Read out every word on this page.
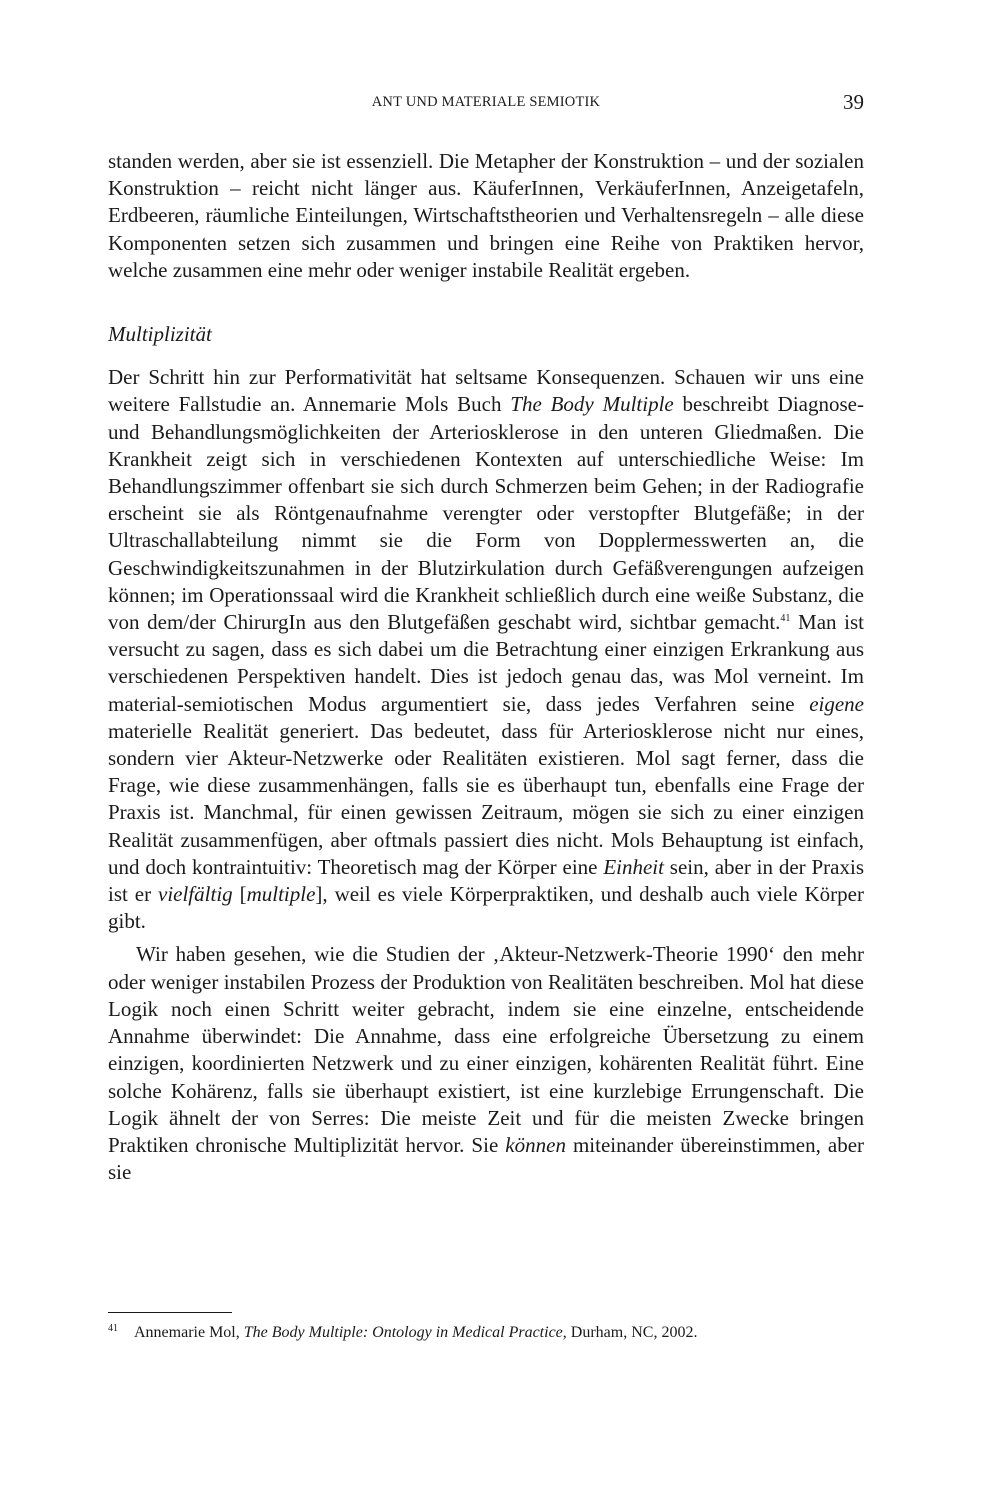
ANT UND MATERIALE SEMIOTIK	39

standen werden, aber sie ist essenziell. Die Metapher der Konstruktion – und der sozialen Konstruktion – reicht nicht länger aus. KäuferInnen, VerkäuferInnen, Anzeigetafeln, Erdbeeren, räumliche Einteilungen, Wirtschaftstheorien und Verhaltensregeln – alle diese Komponenten setzen sich zusammen und bringen eine Reihe von Praktiken hervor, welche zusammen eine mehr oder weniger instabile Realität ergeben.

Multiplizität

Der Schritt hin zur Performativität hat seltsame Konsequenzen. Schauen wir uns eine weitere Fallstudie an. Annemarie Mols Buch The Body Multiple beschreibt Diagnose- und Behandlungsmöglichkeiten der Arteriosklerose in den unteren Gliedmaßen. Die Krankheit zeigt sich in verschiedenen Kontexten auf unterschiedliche Weise: Im Behandlungszimmer offenbart sie sich durch Schmerzen beim Gehen; in der Radiografie erscheint sie als Röntgenaufnahme verengter oder verstopfter Blutgefäße; in der Ultraschallabteilung nimmt sie die Form von Dopplermesswerten an, die Geschwindigkeitszunahmen in der Blutzirkulation durch Gefäßverengungen aufzeigen können; im Operationssaal wird die Krankheit schließlich durch eine weiße Substanz, die von dem/der ChirurgIn aus den Blutgefäßen geschabt wird, sichtbar gemacht.$^{41}$ Man ist versucht zu sagen, dass es sich dabei um die Betrachtung einer einzigen Erkrankung aus verschiedenen Perspektiven handelt. Dies ist jedoch genau das, was Mol verneint. Im material-semiotischen Modus argumentiert sie, dass jedes Verfahren seine eigene materielle Realität generiert. Das bedeutet, dass für Arteriosklerose nicht nur eines, sondern vier Akteur-Netzwerke oder Realitäten existieren. Mol sagt ferner, dass die Frage, wie diese zusammenhängen, falls sie es überhaupt tun, ebenfalls eine Frage der Praxis ist. Manchmal, für einen gewissen Zeitraum, mögen sie sich zu einer einzigen Realität zusammenfügen, aber oftmals passiert dies nicht. Mols Behauptung ist einfach, und doch kontraintuitiv: Theoretisch mag der Körper eine Einheit sein, aber in der Praxis ist er vielfältig [multiple], weil es viele Körperpraktiken, und deshalb auch viele Körper gibt.

Wir haben gesehen, wie die Studien der ‚Akteur-Netzwerk-Theorie 1990‘ den mehr oder weniger instabilen Prozess der Produktion von Realitäten beschreiben. Mol hat diese Logik noch einen Schritt weiter gebracht, indem sie eine einzelne, entscheidende Annahme überwindet: Die Annahme, dass eine erfolgreiche Übersetzung zu einem einzigen, koordinierten Netzwerk und zu einer einzigen, kohärenten Realität führt. Eine solche Kohärenz, falls sie überhaupt existiert, ist eine kurzlebige Errungenschaft. Die Logik ähnelt der von Serres: Die meiste Zeit und für die meisten Zwecke bringen Praktiken chronische Multiplizität hervor. Sie können miteinander übereinstimmen, aber sie

41 Annemarie Mol, The Body Multiple: Ontology in Medical Practice, Durham, NC, 2002.
